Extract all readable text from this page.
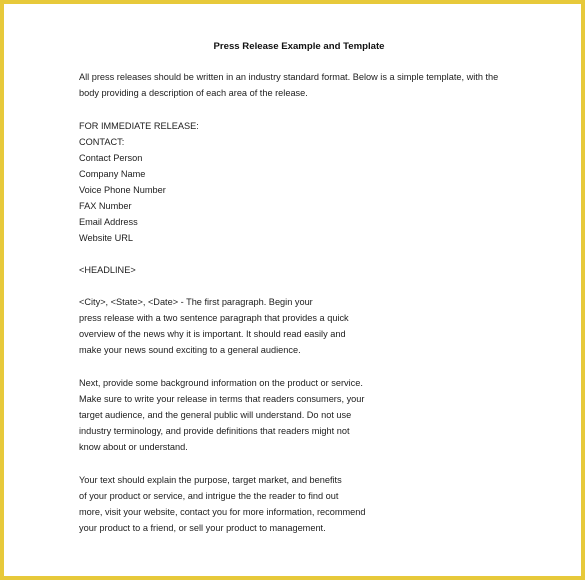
Press Release Example and Template
All press releases should be written in an industry standard format. Below is a simple template, with the
body providing a description of each area of the release.
FOR IMMEDIATE RELEASE:
CONTACT:
Contact Person
Company Name
Voice Phone Number
FAX Number
Email Address
Website URL
<HEADLINE>
<City>, <State>, <Date> - The first paragraph. Begin your
press release with a two sentence paragraph that provides a quick
overview of the news why it is important. It should read easily and
make your news sound exciting to a general audience.
Next, provide some background information on the product or service.
Make sure to write your release in terms that readers consumers, your
target audience, and the general public will understand. Do not use
industry terminology, and provide definitions that readers might not
know about or understand.
Your text should explain the purpose, target market, and benefits
of your product or service, and intrigue the the reader to find out
more, visit your website, contact you for more information, recommend
your product to a friend, or sell your product to management.
